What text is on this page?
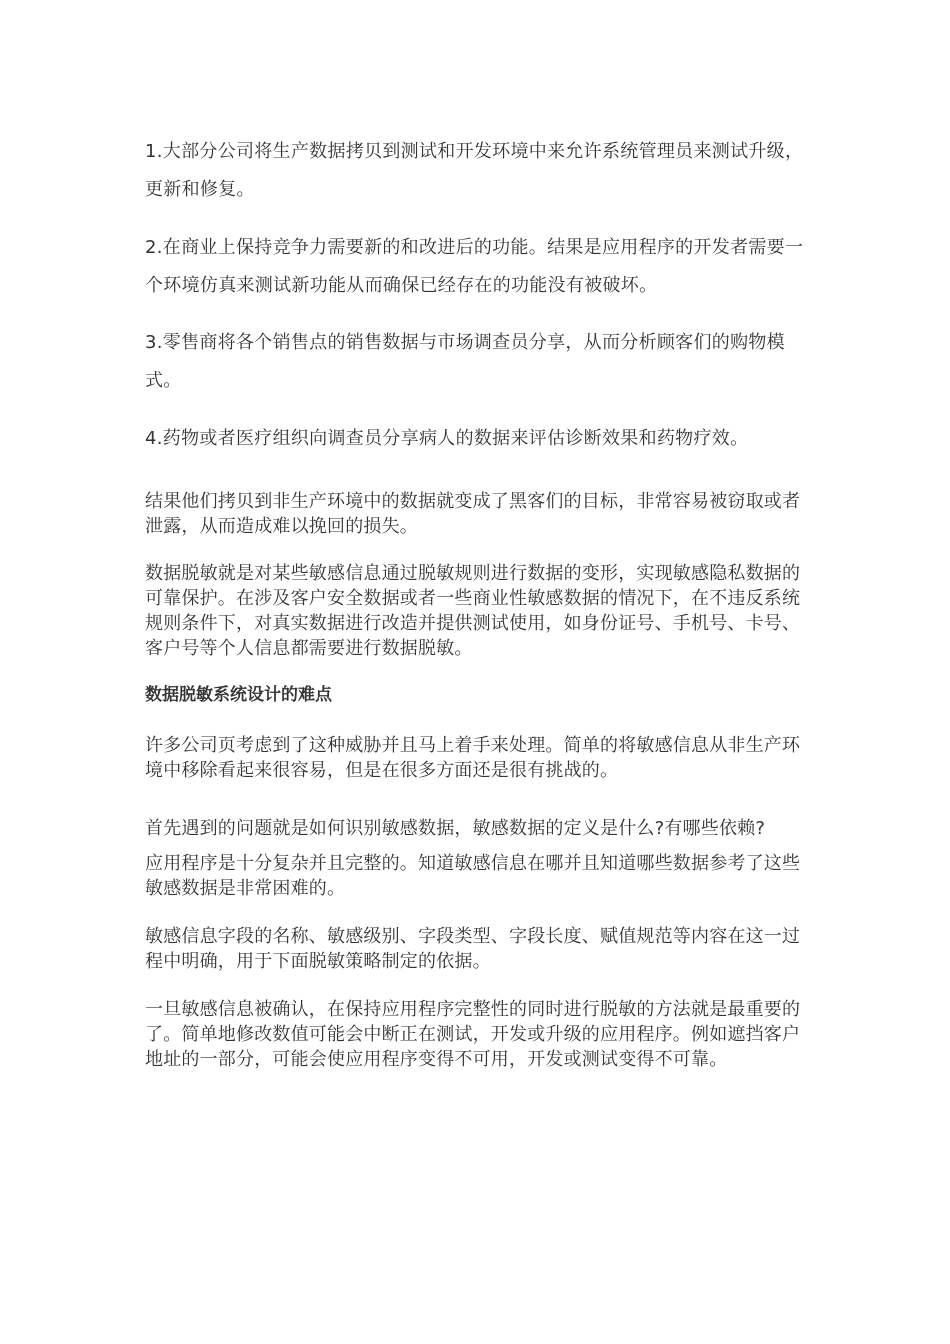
1.大部分公司将生产数据拷贝到测试和开发环境中来允许系统管理员来测试升级，更新和修复。

2.在商业上保持竞争力需要新的和改进后的功能。结果是应用程序的开发者需要一个环境仿真来测试新功能从而确保已经存在的功能没有被破坏。

3.零售商将各个销售点的销售数据与市场调查员分享，从而分析顾客们的购物模式。

4.药物或者医疗组织向调查员分享病人的数据来评估诊断效果和药物疗效。

结果他们拷贝到非生产环境中的数据就变成了黑客们的目标，非常容易被窃取或者泄露，从而造成难以挽回的损失。

数据脱敏就是对某些敏感信息通过脱敏规则进行数据的变形，实现敏感隐私数据的可靠保护。在涉及客户安全数据或者一些商业性敏感数据的情况下，在不违反系统规则条件下，对真实数据进行改造并提供测试使用，如身份证号、手机号、卡号、客户号等个人信息都需要进行数据脱敏。

数据脱敏系统设计的难点

许多公司页考虑到了这种威胁并且马上着手来处理。简单的将敏感信息从非生产环境中移除看起来很容易，但是在很多方面还是很有挑战的。

首先遇到的问题就是如何识别敏感数据，敏感数据的定义是什么?有哪些依赖?

应用程序是十分复杂并且完整的。知道敏感信息在哪并且知道哪些数据参考了这些敏感数据是非常困难的。

敏感信息字段的名称、敏感级别、字段类型、字段长度、赋值规范等内容在这一过程中明确，用于下面脱敏策略制定的依据。

一旦敏感信息被确认，在保持应用程序完整性的同时进行脱敏的方法就是最重要的了。简单地修改数值可能会中断正在测试，开发或升级的应用程序。例如遮挡客户地址的一部分，可能会使应用程序变得不可用，开发或测试变得不可靠。
